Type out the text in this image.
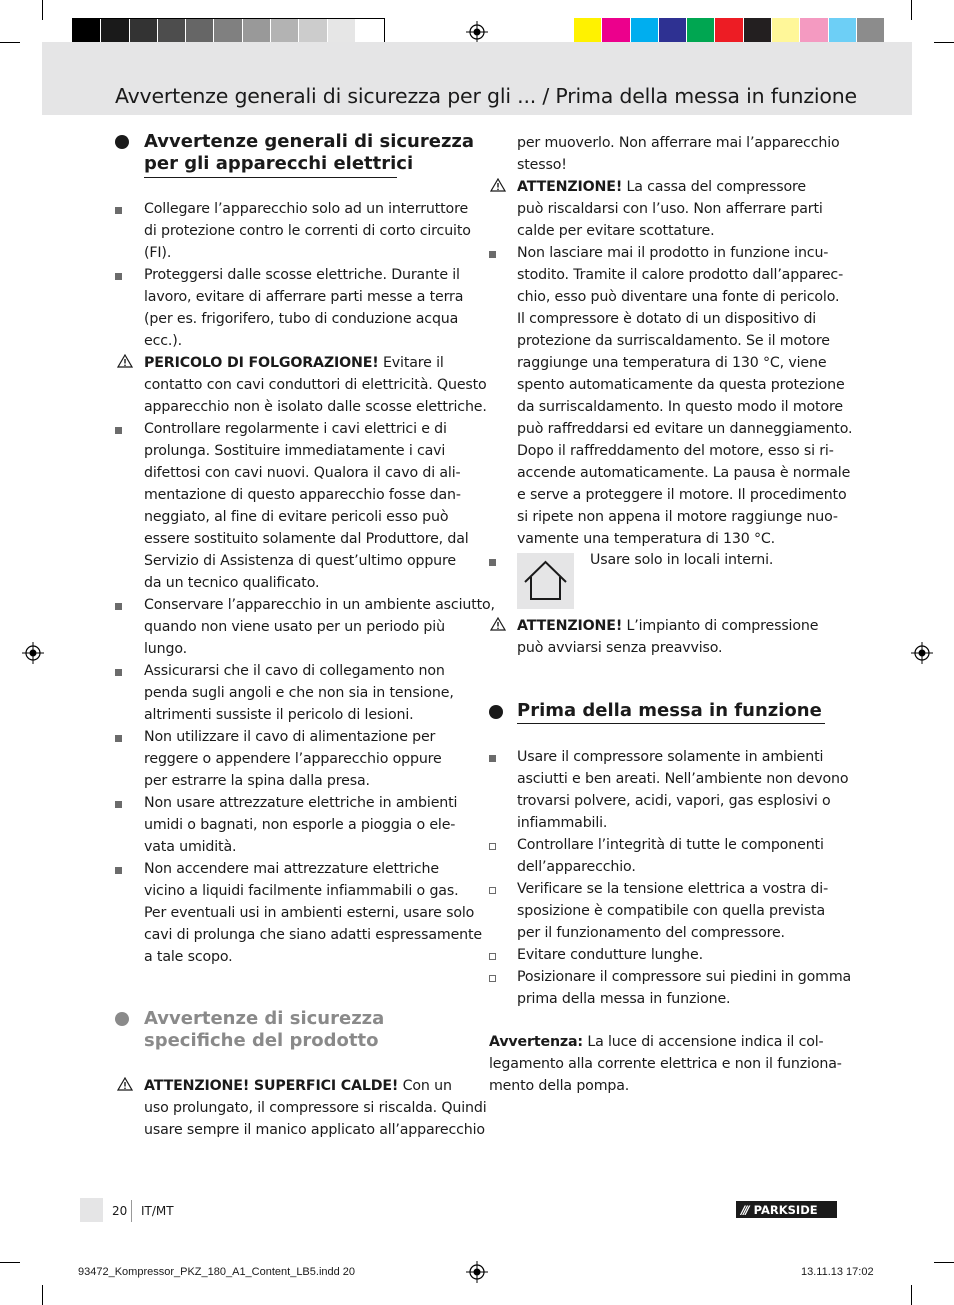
Avvertenze generali di sicurezza per gli ... / Prima della messa in funzione
Avvertenze generali di sicurezza
per gli apparecchi elettrici
Avvertenze di sicurezza
specifiche del prodotto
Prima della messa in funzione
20 IT/MT	/// PARKSIDE
93472_Kompressor_PKZ_180_A1_Content_LB5.indd 20	13.11.13 17:02
Collegare l’apparecchio solo ad un interruttore
di protezione contro le correnti di corto circuito
(FI).
Proteggersi dalle scosse elettriche. Durante il
lavoro, evitare di afferrare parti messe a terra
(per es. frigorifero, tubo di conduzione acqua
ecc.).
PERICOLO DI FOLGORAZIONE! Evitare il
contatto con cavi conduttori di elettricità. Questo
apparecchio non è isolato dalle scosse elettriche.
Controllare regolarmente i cavi elettrici e di
prolunga. Sostituire immediatamente i cavi
difettosi con cavi nuovi. Qualora il cavo di ali-
mentazione di questo apparecchio fosse dan-
neggiato, al fine di evitare pericoli esso può
essere sostituito solamente dal Produttore, dal
Servizio di Assistenza di quest’ultimo oppure
da un tecnico qualificato.
Conservare l’apparecchio in un ambiente asciutto,
quando non viene usato per un periodo più
lungo.
Assicurarsi che il cavo di collegamento non
penda sugli angoli e che non sia in tensione,
altrimenti sussiste il pericolo di lesioni.
Non utilizzare il cavo di alimentazione per
reggere o appendere l’apparecchio oppure
per estrarre la spina dalla presa.
Non usare attrezzature elettriche in ambienti
umidi o bagnati, non esporle a pioggia o ele-
vata umidità.
Non accendere mai attrezzature elettriche
vicino a liquidi facilmente infiammabili o gas.
Per eventuali usi in ambienti esterni, usare solo
cavi di prolunga che siano adatti espressamente
a tale scopo.
ATTENZIONE! SUPERFICI CALDE! Con un
uso prolungato, il compressore si riscalda. Quindi
usare sempre il manico applicato all’apparecchio
per muoverlo. Non afferrare mai l’apparecchio
stesso!
ATTENZIONE! La cassa del compressore
può riscaldarsi con l’uso. Non afferrare parti
calde per evitare scottature.
Non lasciare mai il prodotto in funzione incu-
stodito. Tramite il calore prodotto dall’apparec-
chio, esso può diventare una fonte di pericolo.
Il compressore è dotato di un dispositivo di
protezione da surriscaldamento. Se il motore
raggiunge una temperatura di 130 °C, viene
spento automaticamente da questa protezione
da surriscaldamento. In questo modo il motore
può raffreddarsi ed evitare un danneggiamento.
Dopo il raffreddamento del motore, esso si ri-
accende automaticamente. La pausa è normale
e serve a proteggere il motore. Il procedimento
si ripete non appena il motore raggiunge nuo-
vamente una temperatura di 130 °C.
Usare solo in locali interni.
ATTENZIONE! L’impianto di compressione
può avviarsi senza preavviso.
Usare il compressore solamente in ambienti
asciutti e ben areati. Nell’ambiente non devono
trovarsi polvere, acidi, vapori, gas esplosivi o
infiammabili.
Controllare l’integrità di tutte le componenti
dell’apparecchio.
Verificare se la tensione elettrica a vostra di-
sposizione è compatibile con quella prevista
per il funzionamento del compressore.
Evitare condutture lunghe.
Posizionare il compressore sui piedini in gomma
prima della messa in funzione.
Avvertenza: La luce di accensione indica il col-
legamento alla corrente elettrica e non il funziona-
mento della pompa.
